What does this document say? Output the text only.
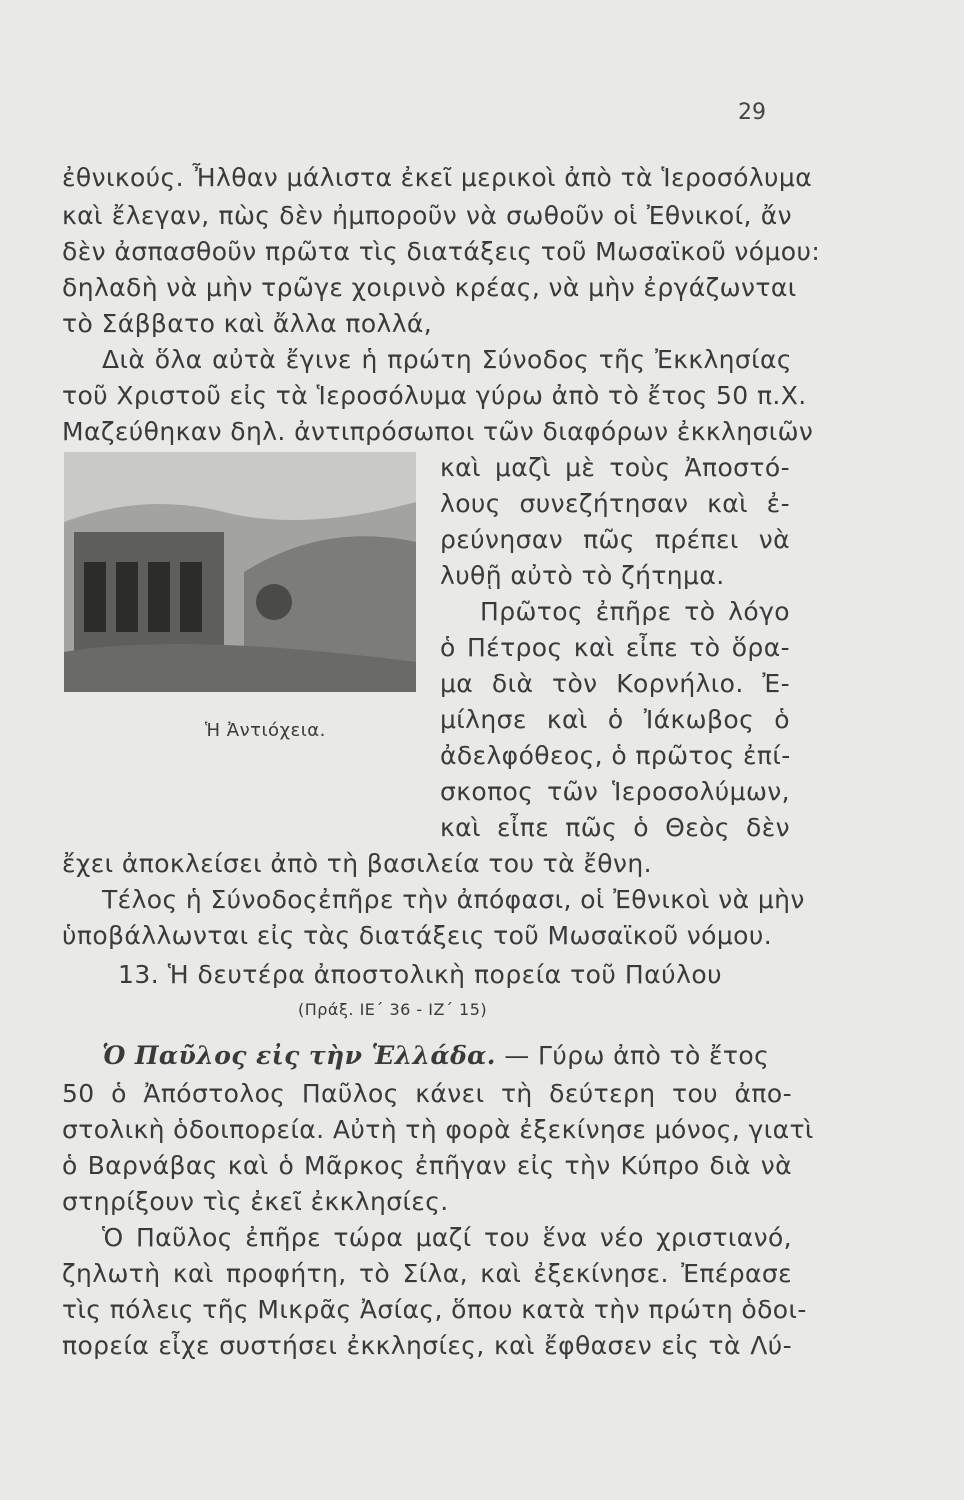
29
ἐθνικούς. Ἦλθαν μάλιστα ἐκεῖ μερικοὶ ἀπὸ τὰ Ἱεροσόλυμα
καὶ ἔλεγαν, πὼς δὲν ἠμποροῦν νὰ σωθοῦν οἱ Ἐθνικοί, ἄν
δὲν ἀσπασθοῦν πρῶτα τὶς διατάξεις τοῦ Μωσαϊκοῦ νόμου:
δηλαδὴ νὰ μὴν τρῶγε χοιρινὸ κρέας, νὰ μὴν ἐργάζωνται
τὸ Σάββατο καὶ ἄλλα πολλά,
Διὰ ὅλα αὐτὰ ἔγινε ἡ πρώτη Σύνοδος τῆς Ἐκκλησίας
τοῦ Χριστοῦ εἰς τὰ Ἱεροσόλυμα γύρω ἀπὸ τὸ ἔτος 50 π.Χ.
Μαζεύθηκαν δηλ. ἀντιπρόσωποι τῶν διαφόρων ἐκκλησιῶν
καὶ μαζὶ μὲ τοὺς Ἀποστό-
λους συνεζήτησαν καὶ ἐ-
ρεύνησαν πῶς πρέπει νὰ
λυθῇ αὐτὸ τὸ ζήτημα.
Πρῶτος ἐπῆρε τὸ λόγο
ὁ Πέτρος καὶ εἶπε τὸ ὅρα-
μα διὰ τὸν Κορνήλιο. Ἐ-
μίλησε καὶ ὁ Ἰάκωβος ὁ
ἀδελφόθεος, ὁ πρῶτος ἐπί-
σκοπος τῶν Ἱεροσολύμων,
καὶ εἶπε πῶς ὁ Θεὸς δὲν
Ἡ Ἀντιόχεια.
ἔχει ἀποκλείσει ἀπὸ τὴ βασιλεία του τὰ ἔθνη.
Τέλος ἡ Σύνοδοςἐπῆρε τὴν ἀπόφασι, οἱ Ἐθνικοὶ νὰ μὴν
ὑποβάλλωνται εἰς τὰς διατάξεις τοῦ Μωσαϊκοῦ νόμου.
13. Ἡ δευτέρα ἀποστολικὴ πορεία τοῦ Παύλου
(Πράξ. ΙΕ΄ 36 - ΙΖ΄ 15)
Ὁ Παῦλος εἰς τὴν Ἑλλάδα. — Γύρω ἀπὸ τὸ ἔτος
50 ὁ Ἀπόστολος Παῦλος κάνει τὴ δεύτερη του ἀπο-
στολικὴ ὁδοιπορεία. Αὐτὴ τὴ φορὰ ἐξεκίνησε μόνος, γιατὶ
ὁ Βαρνάβας καὶ ὁ Μᾶρκος ἐπῆγαν εἰς τὴν Κύπρο διὰ νὰ
στηρίξουν τὶς ἐκεῖ ἐκκλησίες.
Ὁ Παῦλος ἐπῆρε τώρα μαζί του ἕνα νέο χριστιανό,
ζηλωτὴ καὶ προφήτη, τὸ Σίλα, καὶ ἐξεκίνησε. Ἐπέρασε
τὶς πόλεις τῆς Μικρᾶς Ἀσίας, ὅπου κατὰ τὴν πρώτη ὁδοι-
πορεία εἶχε συστήσει ἐκκλησίες, καὶ ἔφθασεν εἰς τὰ Λύ-
